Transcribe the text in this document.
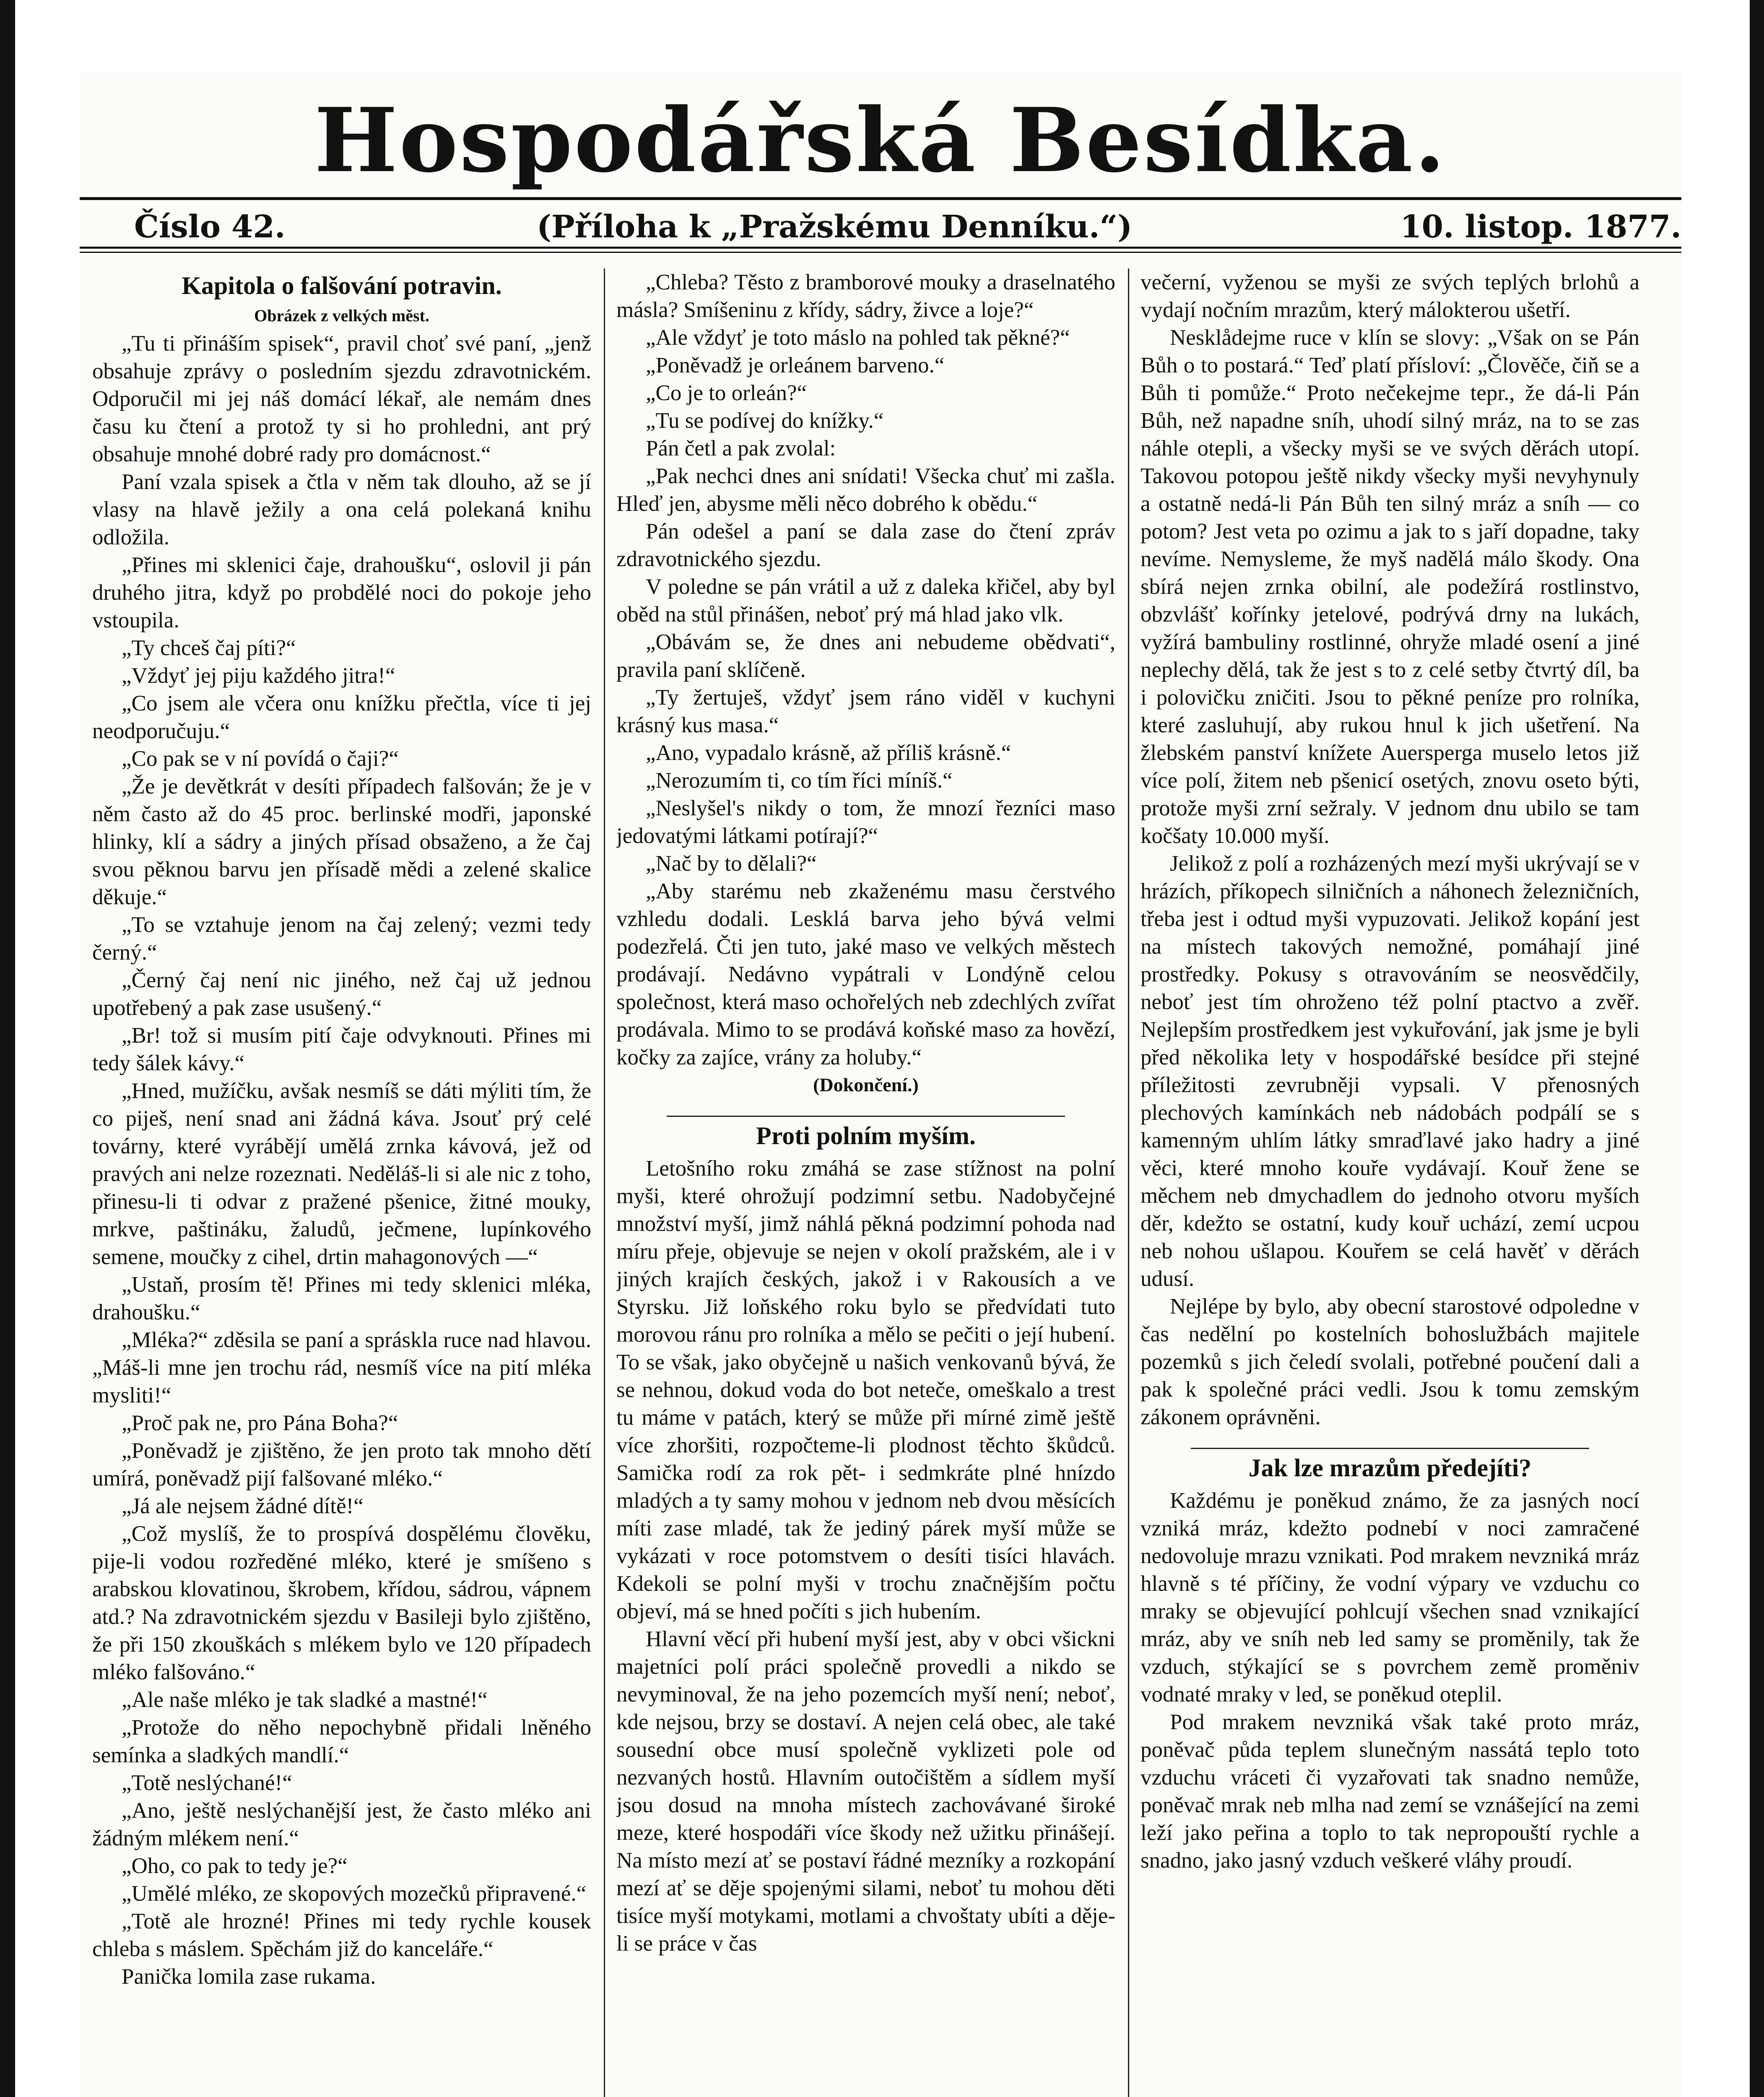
Hospodářská Besídka.
Číslo 42.	(Příloha k „Pražskému Denníku.“)	10. listop. 1877.
Kapitola o falšování potravin.
Obrázek z velkých měst.

„Tu ti přináším spisek“, pravil choť své paní, „jenž obsahuje zprávy o posledním sjezdu zdravotnickém. Odporučil mi jej náš domácí lékař, ale nemám dnes času ku čtení a protož ty si ho prohledni, ant prý obsahuje mnohé dobré rady pro domácnost.“

Paní vzala spisek a čtla v něm tak dlouho, až se jí vlasy na hlavě ježily a ona celá polekaná knihu odložila.

„Přines mi sklenici čaje, drahoušku“, oslovil ji pán druhého jitra, když po probdělé noci do pokoje jeho vstoupila.

„Ty chceš čaj píti?“

„Vždyť jej piju každého jitra!“

„Co jsem ale včera onu knížku přečtla, více ti jej neodporučuju.“

„Co pak se v ní povídá o čaji?“

„Že je devětkrát v desíti případech falšován; že je v něm často až do 45 proc. berlinské modři, japonské hlinky, klí a sádry a jiných přísad obsaženo, a že čaj svou pěknou barvu jen přísadě mědi a zelené skalice děkuje.“

„To se vztahuje jenom na čaj zelený; vezmi tedy černý.“

„Černý čaj není nic jiného, než čaj už jednou upotřebený a pak zase usušený.“

„Br! tož si musím pití čaje odvyknouti. Přines mi tedy šálek kávy.“

„Hned, mužíčku, avšak nesmíš se dáti mýliti tím, že co piješ, není snad ani žádná káva. Jsouť prý celé továrny, které vyrábějí umělá zrnka kávová, jež od pravých ani nelze rozeznati. Neděláš-li si ale nic z toho, přinesu-li ti odvar z pražené pšenice, žitné mouky, mrkve, paštináku, žaludů, ječmene, lupínkového semene, moučky z cihel, drtin mahagonových —“

„Ustaň, prosím tě! Přines mi tedy sklenici mléka, drahoušku.“

„Mléka?“ zděsila se paní a spráskla ruce nad hlavou. „Máš-li mne jen trochu rád, nesmíš více na pití mléka mysliti!“

„Proč pak ne, pro Pána Boha?“

„Poněvadž je zjištěno, že jen proto tak mnoho dětí umírá, poněvadž pijí falšované mléko.“

„Já ale nejsem žádné dítě!“

„Což myslíš, že to prospívá dospělému človĕku, pije-li vodou rozředěné mléko, které je smíšeno s arabskou klovatinou, škrobem, křídou, sádrou, vápnem atd.? Na zdravotnickém sjezdu v Basileji bylo zjištěno, že při 150 zkouškách s mlékem bylo ve 120 případech mléko falšováno.“

„Ale naše mléko je tak sladké a mastné!“

„Protože do něho nepochybně přidali lněného semínka a sladkých mandlí.“

„Totě neslýchané!“

„Ano, ještě neslýchanější jest, že často mléko ani žádným mlékem není.“

„Oho, co pak to tedy je?“

„Umělé mléko, ze skopových mozečků připravené.“

„Totě ale hrozné! Přines mi tedy rychle kousek chleba s máslem. Spěchám již do kanceláře.“

Panička lomila zase rukama.

„Chleba? Těsto z bramborové mouky a draselnatého másla? Smíšeninu z křídy, sádry, živce a loje?“

„Ale vždyť je toto máslo na pohled tak pěkné?“

„Poněvadž je orleánem barveno.“

„Co je to orleán?“

„Tu se podívej do knížky.“

Pán četl a pak zvolal:

„Pak nechci dnes ani snídati! Všecka chuť mi zašla. Hleď jen, abysme měli něco dobrého k obědu.“

Pán odešel a paní se dala zase do čtení zpráv zdravotnického sjezdu.

V poledne se pán vrátil a už z daleka křičel, aby byl oběd na stůl přinášen, neboť prý má hlad jako vlk.

„Obávám se, že dnes ani nebudeme obědvati“, pravila paní sklíčeně.

„Ty žertuješ, vždyť jsem ráno viděl v kuchyni krásný kus masa.“

„Ano, vypadalo krásně, až příliš krásně.“

„Nerozumím ti, co tím říci míníš.“

„Neslyšel's nikdy o tom, že mnozí řezníci maso jedovatými látkami potírají?“

„Nač by to dělali?“

„Aby starému neb zkaženému masu čerstvého vzhledu dodali. Lesklá barva jeho bývá velmi podezřelá. Čti jen tuto, jaké maso ve velkých městech prodávají. Nedávno vypátrali v Londýně celou společnost, která maso ochořelých neb zdechlých zvířat prodávala. Mimo to se prodává koňské maso za hovězí, kočky za zajíce, vrány za holuby.“

(Dokončení.)

Proti polním myším.

Letošního roku zmáhá se zase stížnost na polní myši, které ohrožují podzimní setbu. Nadobyčejné množství myší, jimž náhlá pěkná podzimní pohoda nad míru přeje, objevuje se nejen v okolí pražském, ale i v jiných krajích českých, jakož i v Rakousích a ve Styrsku. Již loňského roku bylo se předvídati tuto morovou ránu pro rolníka a mělo se pečiti o její hubení. To se však, jako obyčejně u našich venkovanů bývá, že se nehnou, dokud voda do bot neteče, omeškalo a trest tu máme v patách, který se může při mírné zimě ještě více zhoršiti, rozpočteme-li plodnost těchto škůdců. Samička rodí za rok pět- i sedmkráte plné hnízdo mladých a ty samy mohou v jednom neb dvou měsících míti zase mladé, tak že jediný párek myší může se vykázati v roce potomstvem o desíti tisíci hlavách. Kdekoli se polní myši v trochu značnějším počtu objeví, má se hned počíti s jich hubením.

Hlavní věcí při hubení myší jest, aby v obci všickni majetníci polí práci společně provedli a nikdo se nevyminoval, že na jeho pozemcích myší není; neboť, kde nejsou, brzy se dostaví. A nejen celá obec, ale také sousední obce musí společně vyklizeti pole od nezvaných hostů. Hlavním outočištěm a sídlem myší jsou dosud na mnoha místech zachovávané široké meze, které hospodáři více škody než užitku přinášejí. Na místo mezí ať se postaví řádné mezníky a rozkopání mezí ať se děje spojenými silami, neboť tu mohou děti tisíce myší motykami, motlami a chvoštaty ubíti a děje-li se práce v čas

večerní, vyženou se myši ze svých teplých brlohů a vydají nočním mrazům, který málokterou ušetří.

Nesklådejme ruce v klín se slovy: „Však on se Pán Bůh o to postará.“ Teď platí přísloví: „Člověče, čiň se a Bůh ti pomůže.“ Proto nečekejme tepr., že dá-li Pán Bůh, než napadne sníh, uhodí silný mráz, na to se zas náhle otepli, a všecky myši se ve svých děrách utopí. Takovou potopou ještě nikdy všecky myši nevyhynuly a ostatně nedá-li Pán Bůh ten silný mráz a sníh — co potom? Jest veta po ozimu a jak to s jaří dopadne, taky nevíme. Nemysleme, že myš nadělá málo škody. Ona sbírá nejen zrnka obilní, ale podežírá rostlinstvo, obzvlášť kořínky jetelové, podrývá drny na lukách, vyžírá bambuliny rostlinné, ohryže mladé osení a jiné neplechy dělá, tak že jest s to z celé setby čtvrtý díl, ba i polovičku zničiti. Jsou to pěkné peníze pro rolníka, které zasluhují, aby rukou hnul k jich ušetření. Na žlebském panství knížete Auersperga muselo letos již více polí, žitem neb pšenicí osetých, znovu oseto býti, protože myši zrní sežraly. V jednom dnu ubilo se tam kočšaty 10.000 myší.

Jelikož z polí a rozházených mezí myši ukrývají se v hrázích, příkopech silničních a náhonech železničních, třeba jest i odtud myši vypuzovati. Jelikož kopání jest na místech takových nemožné, pomáhají jiné prostředky. Pokusy s otravováním se neosvědčily, neboť jest tím ohroženo též polní ptactvo a zvěř. Nejlepším prostředkem jest vykuřování, jak jsme je byli před několika lety v hospodářské besídce při stejné příležitosti zevrubněji vypsali. V přenosných plechových kamínkách neb nádobách podpálí se s kamenným uhlím látky smraďlavé jako hadry a jiné věci, které mnoho kouře vydávají. Kouř žene se měchem neb dmychadlem do jednoho otvoru myších děr, kdežto se ostatní, kudy kouř uchází, zemí ucpou neb nohou ušlapou. Kouřem se celá havěť v děrách udusí.

Nejlépe by bylo, aby obecní starostové odpoledne v čas nedělní po kostelních bohoslužbách majitele pozemků s jich čeledí svolali, potřebné poučení dali a pak k společné práci vedli. Jsou k tomu zemským zákonem oprávněni.

Jak lze mrazům předejíti?

Každému je poněkud známo, že za jasných nocí vzniká mráz, kdežto podnebí v noci zamračené nedovoluje mrazu vznikati. Pod mrakem nevzniká mráz hlavně s té příčiny, že vodní výpary ve vzduchu co mraky se objevující pohlcují všechen snad vznikající mráz, aby ve sníh neb led samy se proměnily, tak že vzduch, stýkající se s povrchem země proměniv vodnaté mraky v led, se poněkud oteplil.

Pod mrakem nevzniká však také proto mráz, poněvač půda teplem slunečným nassátá teplo toto vzduchu vráceti či vyzařovati tak snadno nemůže, poněvač mrak neb mlha nad zemí se vznášející na zemi leží jako peřina a toplo to tak nepropouští rychle a snadno, jako jasný vzduch veškeré vláhy proudí.
